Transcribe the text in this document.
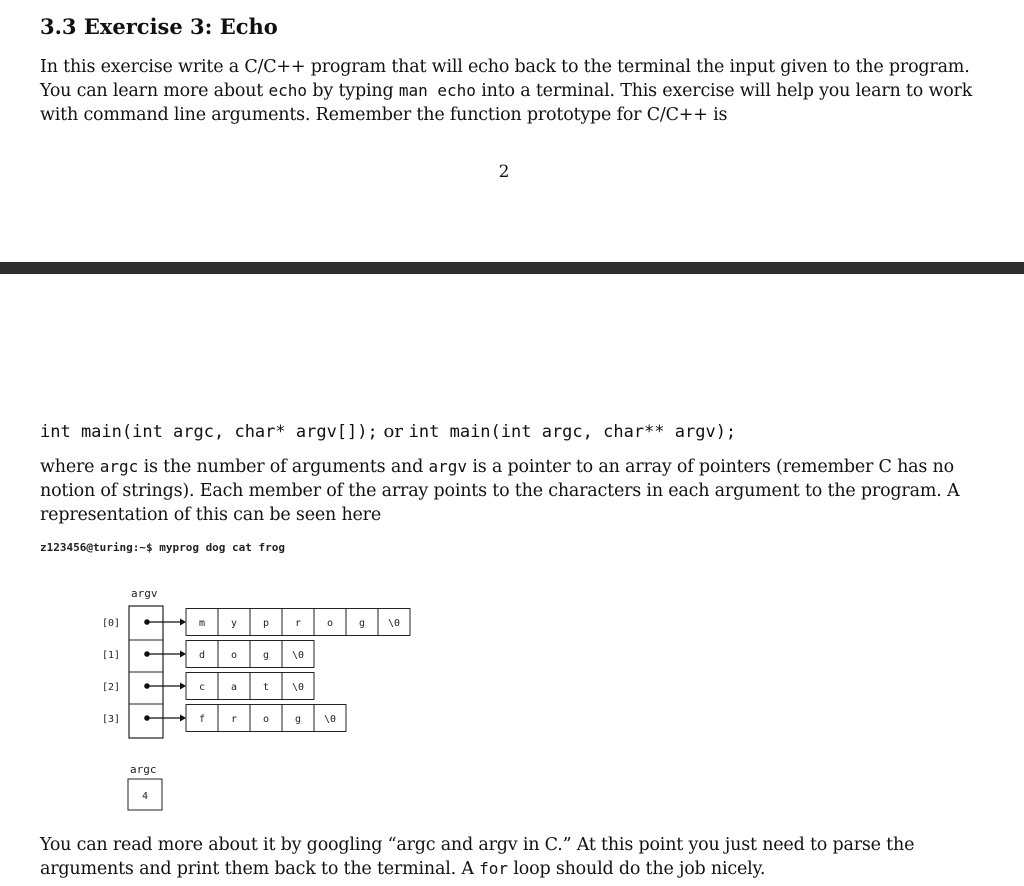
3.3 Exercise 3: Echo

In this exercise write a C/C++ program that will echo back to the terminal the input given to the program. You can learn more about echo by typing man echo into a terminal. This exercise will help you learn to work with command line arguments. Remember the function prototype for C/C++ is

2

int main(int argc, char* argv[]); or int main(int argc, char** argv);

where argc is the number of arguments and argv is a pointer to an array of pointers (remember C has no notion of strings). Each member of the array points to the characters in each argument to the program. A representation of this can be seen here

z123456@turing:~$ myprog dog cat frog
argv
[0]	m	y	p	r	o	g \0
[1]	d	o	g \0
[2]	c	a	t \0
[3]	f	r	o	g \0
argc
4

You can read more about it by googling “argc and argv in C.” At this point you just need to parse the arguments and print them back to the terminal. A for loop should do the job nicely.
